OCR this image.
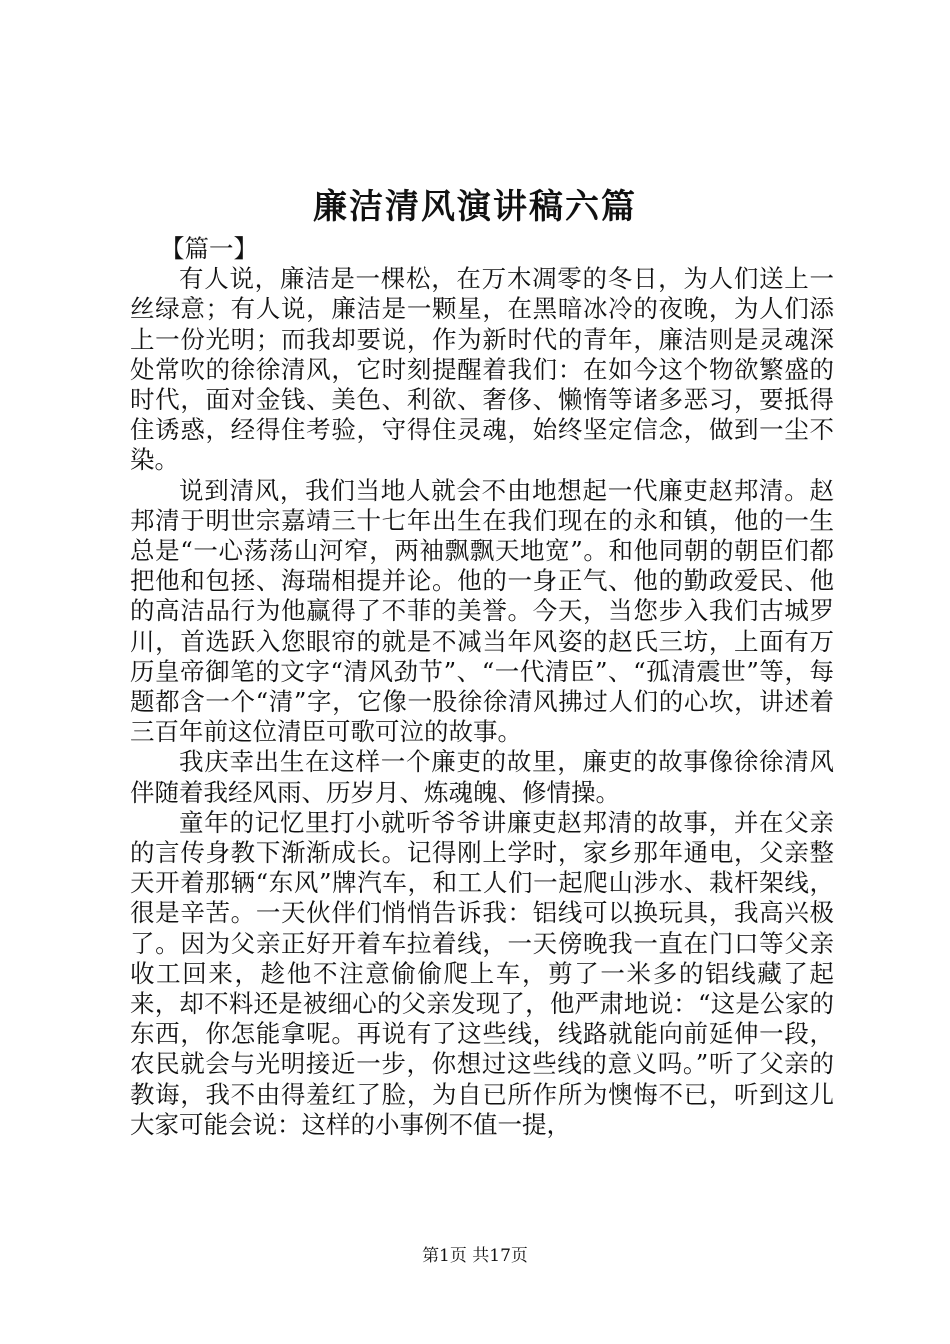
廉洁清风演讲稿六篇

【篇一】

有人说，廉洁是一棵松，在万木凋零的冬日，为人们送上一丝绿意；有人说，廉洁是一颗星，在黑暗冰冷的夜晚，为人们添上一份光明；而我却要说，作为新时代的青年，廉洁则是灵魂深处常吹的徐徐清风，它时刻提醒着我们：在如今这个物欲繁盛的时代，面对金钱、美色、利欲、奢侈、懒惰等诸多恶习，要抵得住诱惑，经得住考验，守得住灵魂，始终坚定信念，做到一尘不染。

说到清风，我们当地人就会不由地想起一代廉吏赵邦清。赵邦清于明世宗嘉靖三十七年出生在我们现在的永和镇，他的一生总是“一心荡荡山河窄，两袖飘飘天地宽”。和他同朝的朝臣们都把他和包拯、海瑞相提并论。他的一身正气、他的勤政爱民、他的高洁品行为他赢得了不菲的美誉。今天，当您步入我们古城罗川，首选跃入您眼帘的就是不减当年风姿的赵氏三坊，上面有万历皇帝御笔的文字“清风劲节”、“一代清臣”、“孤清震世”等，每题都含一个“清”字，它像一股徐徐清风拂过人们的心坎，讲述着三百年前这位清臣可歌可泣的故事。

我庆幸出生在这样一个廉吏的故里，廉吏的故事像徐徐清风伴随着我经风雨、历岁月、炼魂魄、修情操。

童年的记忆里打小就听爷爷讲廉吏赵邦清的故事，并在父亲的言传身教下渐渐成长。记得刚上学时，家乡那年通电，父亲整天开着那辆“东风”牌汽车，和工人们一起爬山涉水、栽杆架线，很是辛苦。一天伙伴们悄悄告诉我：铝线可以换玩具，我高兴极了。因为父亲正好开着车拉着线，一天傍晚我一直在门口等父亲收工回来，趁他不注意偷偷爬上车，剪了一米多的铝线藏了起来，却不料还是被细心的父亲发现了，他严肃地说：“这是公家的东西，你怎能拿呢。再说有了这些线，线路就能向前延伸一段，农民就会与光明接近一步，你想过这些线的意义吗。”听了父亲的教诲，我不由得羞红了脸，为自已所作所为懊悔不已，听到这儿大家可能会说：这样的小事例不值一提，

第1页 共17页
